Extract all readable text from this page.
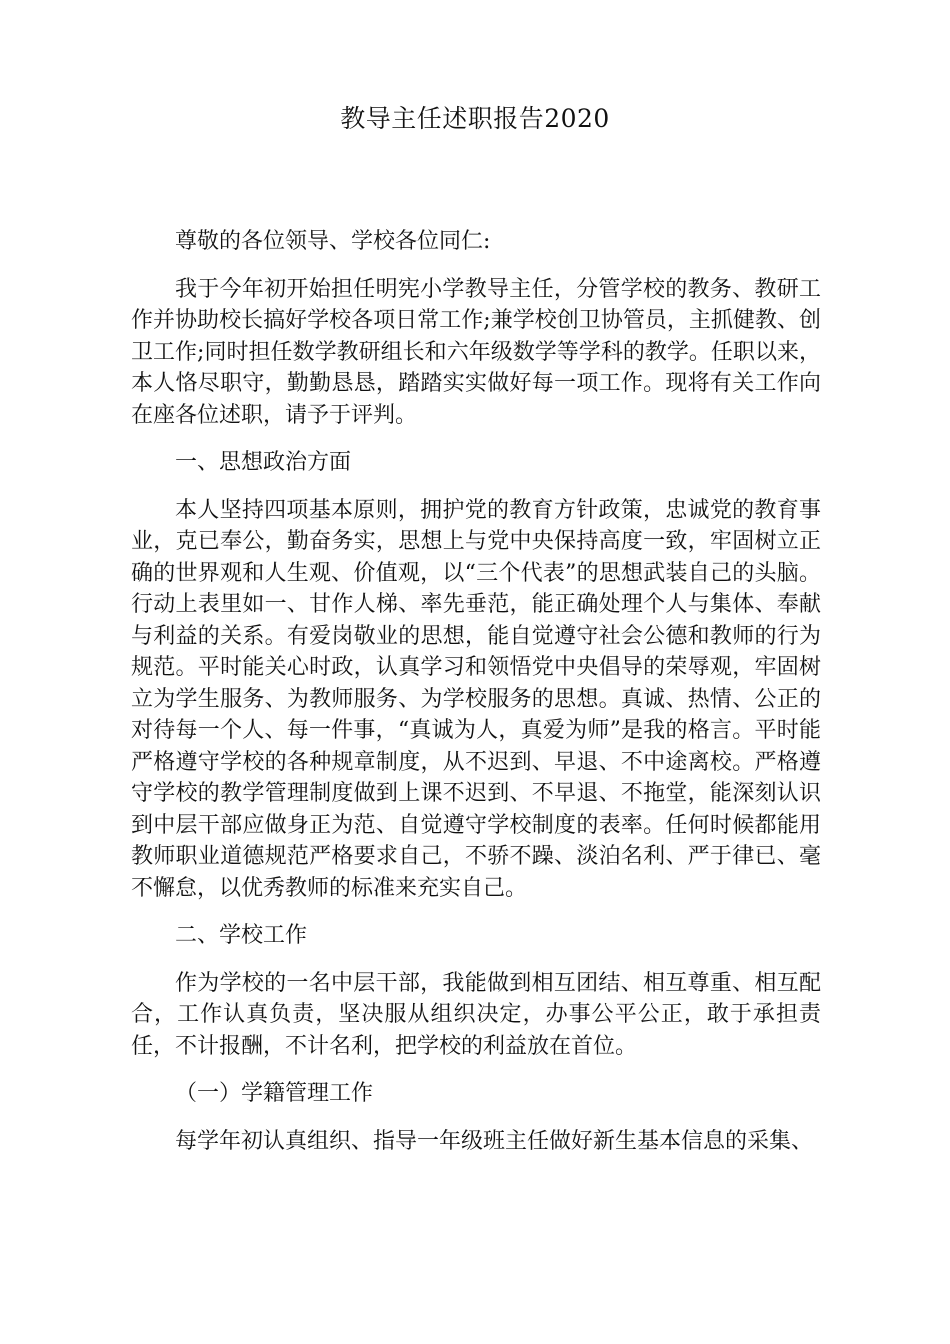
教导主任述职报告2020

尊敬的各位领导、学校各位同仁:

我于今年初开始担任明宪小学教导主任，分管学校的教务、教研工作并协助校长搞好学校各项日常工作;兼学校创卫协管员，主抓健教、创卫工作;同时担任数学教研组长和六年级数学等学科的教学。任职以来，本人恪尽职守，勤勤恳恳，踏踏实实做好每一项工作。现将有关工作向在座各位述职，请予于评判。

一、思想政治方面

本人坚持四项基本原则，拥护党的教育方针政策，忠诚党的教育事业，克已奉公，勤奋务实，思想上与党中央保持高度一致，牢固树立正确的世界观和人生观、价值观，以“三个代表”的思想武装自己的头脑。行动上表里如一、甘作人梯、率先垂范，能正确处理个人与集体、奉献与利益的关系。有爱岗敬业的思想，能自觉遵守社会公德和教师的行为规范。平时能关心时政，认真学习和领悟党中央倡导的荣辱观，牢固树立为学生服务、为教师服务、为学校服务的思想。真诚、热情、公正的对待每一个人、每一件事，“真诚为人，真爱为师”是我的格言。平时能严格遵守学校的各种规章制度，从不迟到、早退、不中途离校。严格遵守学校的教学管理制度做到上课不迟到、不早退、不拖堂，能深刻认识到中层干部应做身正为范、自觉遵守学校制度的表率。任何时候都能用教师职业道德规范严格要求自己，不骄不躁、淡泊名利、严于律已、毫不懈怠，以优秀教师的标准来充实自己。

二、学校工作

作为学校的一名中层干部，我能做到相互团结、相互尊重、相互配合，工作认真负责，坚决服从组织决定，办事公平公正，敢于承担责任，不计报酬，不计名利，把学校的利益放在首位。

（一）学籍管理工作

每学年初认真组织、指导一年级班主任做好新生基本信息的采集、
